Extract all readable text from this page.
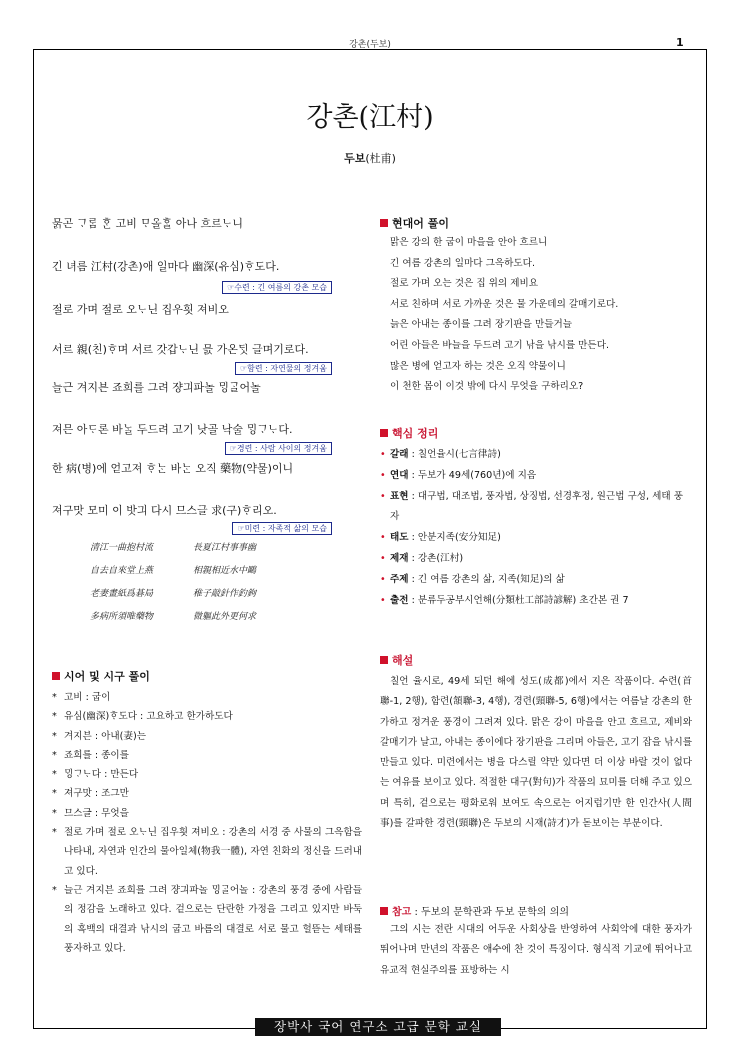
강촌(두보)	1
강촌(江村)
두보(杜甫)
묽곤 ᄀᆞᄅᆞᆷ ᄒᆞᆫ 고비 ᄆᆞ올ᄒᆞᆯ 아나 흐르ᄂᆞ니
긴 녀름 江村(강촌)애 일마다 幽深(유심)ᄒᆞ도다.
☞수련 : 긴 여름의 강촌 모습
절로 가며 절로 오ᄂᆞ닌 집우흿 져비오
서르 親(친)ᄒᆞ며 서르 갓갑ᄂᆞ닌 믌 가온ᄃᆡᆺ 글며기로다.
☞함련 : 자연물의 정겨움
늘근 겨지븐 죠희를 그려 쟝긔파놀 ᄆᆡᆼᄀᆞᆯ어놀
져믄 아ᄃᆞ론 바ᄂᆞᆯ 두드려 고기 낫골 낙술 ᄆᆡᆼᄀᆞᄂᆞ다.
☞경련 : 사람 사이의 정겨움
한 病(병)에 얻고져 ᄒᆞᄂᆞᆫ 바ᄂᆞᆫ 오직 藥物(약물)이니
져구맛 모미 이 밧긔 다시 므스글 求(구)ᄒᆞ리오.
☞미련 : 자족적 삶의 모습
清江一曲抱村流	長夏江村事事幽
自去自來堂上燕	相親相近水中鷗
老妻畫紙爲碁局	稚子敲針作釣鉤
多病所須唯藥物	微軀此外更何求
시어 및 시구 풀이
* 고비 : 굽이
* 유심(幽深)ᄒᆞ도다 : 고요하고 한가하도다
* 겨지븐 : 아내(妻)는
* 죠희를 : 종이를
* ᄆᆡᆼᄀᆞᄂᆞ다 : 만든다
* 져구맛 : 조그만
* 므스글 : 무엇을
* 절로 가며 절로 오ᄂᆞ닌 집우흿 져비오 : 강촌의 서경 중 사물의 그윽함을 나타내, 자연과 인간의 물아일체(物我一體), 자연 친화의 정신을 드러내고 있다.
* 늘근 겨지븐 죠희를 그려 쟝긔파놀 ᄆᆡᆼᄀᆞᆯ어놀 : 강촌의 풍경 중에 사람들의 정감을 노래하고 있다. 겉으로는 단란한 가정을 그리고 있지만 바둑의 흑백의 대결과 낚시의 굽고 바름의 대결로 서로 물고 헐뜯는 세태를 풍자하고 있다.
현대어 풀이
맑은 강의 한 굽이 마을을 안아 흐르니
긴 여름 강촌의 일마다 그윽하도다.
절로 가며 오는 것은 집 위의 제비요
서로 친하며 서로 가까운 것은 물 가운데의 갈매기로다.
늙은 아내는 종이를 그려 장기판을 만들거늘
어린 아들은 바늘을 두드려 고기 낚을 낚시를 만든다.
많은 병에 얻고자 하는 것은 오직 약물이니
이 천한 몸이 이것 밖에 다시 무엇을 구하리오?
핵심 정리
• 갈래 : 칠언율시(七言律詩)
• 연대 : 두보가 49세(760년)에 지음
• 표현 : 대구법, 대조법, 풍자법, 상징법, 선경후정, 원근법 구성, 세태 풍자
• 태도 : 안분지족(安分知足)
• 제재 : 강촌(江村)
• 주제 : 긴 여름 강촌의 삶, 지족(知足)의 삶
• 출전 : 분류두공부시언해(分類杜工部詩諺解) 초간본 권 7
해설

칠언 율시로, 49세 되던 해에 성도(成都)에서 지은 작품이다. 수련(首聯-1, 2행), 함련(頷聯-3, 4행), 경련(頸聯-5, 6행)에서는 여름날 강촌의 한가하고 정겨운 풍경이 그려져 있다. 맑은 강이 마을을 안고 흐르고, 제비와 갈매기가 날고, 아내는 종이에다 장기판을 그리며 아들은, 고기 잡을 낚시를 만들고 있다. 미련에서는 병을 다스릴 약만 있다면 더 이상 바랄 것이 없다는 여유를 보이고 있다. 적절한 대구(對句)가 작품의 묘미를 더해 주고 있으며 특히, 겉으로는 평화로워 보여도 속으로는 어지럽기만 한 인간사(人間事)를 갈파한 경련(頸聯)은 두보의 시재(詩才)가 돋보이는 부분이다.

참고 : 두보의 문학관과 두보 문학의 의의

그의 시는 전란 시대의 어두운 사회상을 반영하여 사회악에 대한 풍자가 뛰어나며 만년의 작품은 애수에 찬 것이 특징이다. 형식적 기교에 뛰어나고 유교적 현실주의를 표방하는 시

장박사 국어 연구소 고급 문학 교실
